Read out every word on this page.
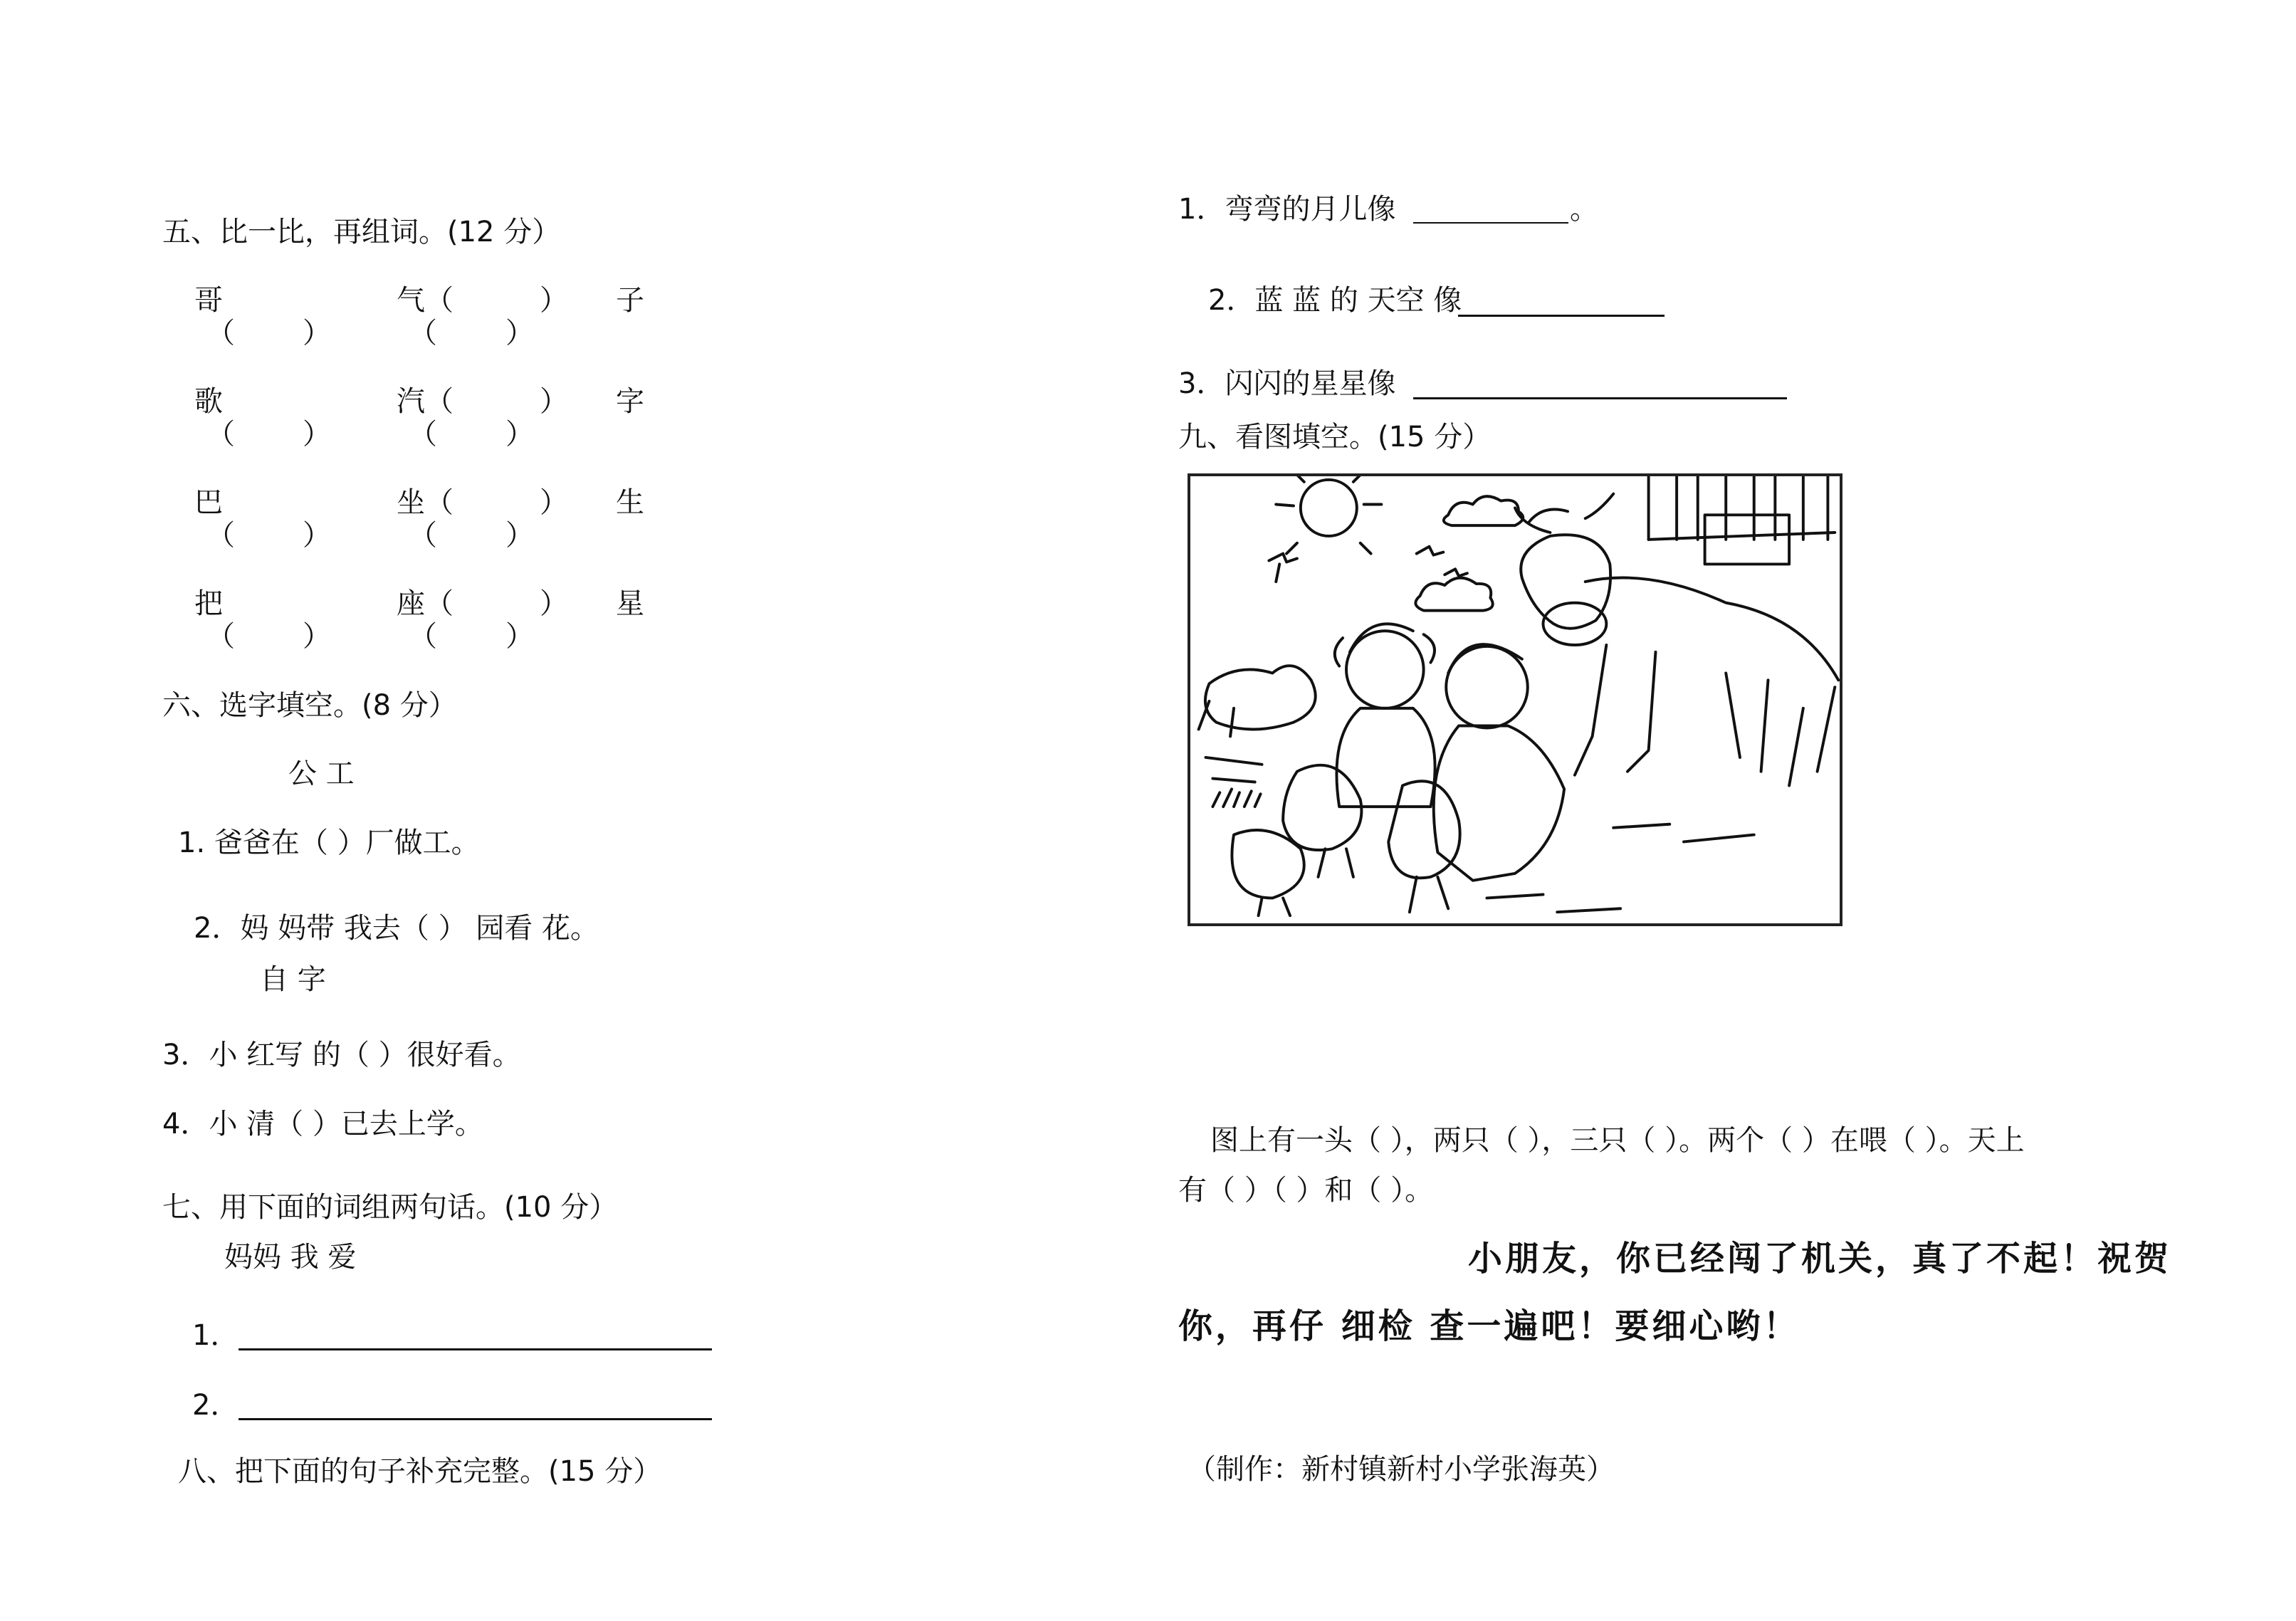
五、比一比，再组词。(12 分）
哥	气（	） 子
（ ）	（ ）
歌	汽（	） 字
（ ）	（ ）
巴	坐（	） 生
（ ）	（ ）
把	座（	） 星
（ ）	（ ）
六、选字填空。(8 分）
公 工
1. 爸爸在（ ）厂做工。
2．妈 妈带 我去（ ） 园看 花。
自 字
3．小 红写 的（ ）很好看。
4．小 清（ ）已去上学。
七、用下面的词组两句话。(10 分）
妈妈 我 爱
1．
2．
八、把下面的句子补充完整。(15 分）
1．弯弯的月儿像	。
2．蓝 蓝 的 天空 像
3．闪闪的星星像
九、看图填空。(15 分）
图上有一头（ ），两只（ ），三只（ ）。两个（ ）在喂（ ）。天上
有（ ）（ ）和（ ）。
小朋友，你已经闯了机关，真了不起！祝贺
你，再仔 细检 查一遍吧！要细心哟！
（制作：新村镇新村小学张海英）
